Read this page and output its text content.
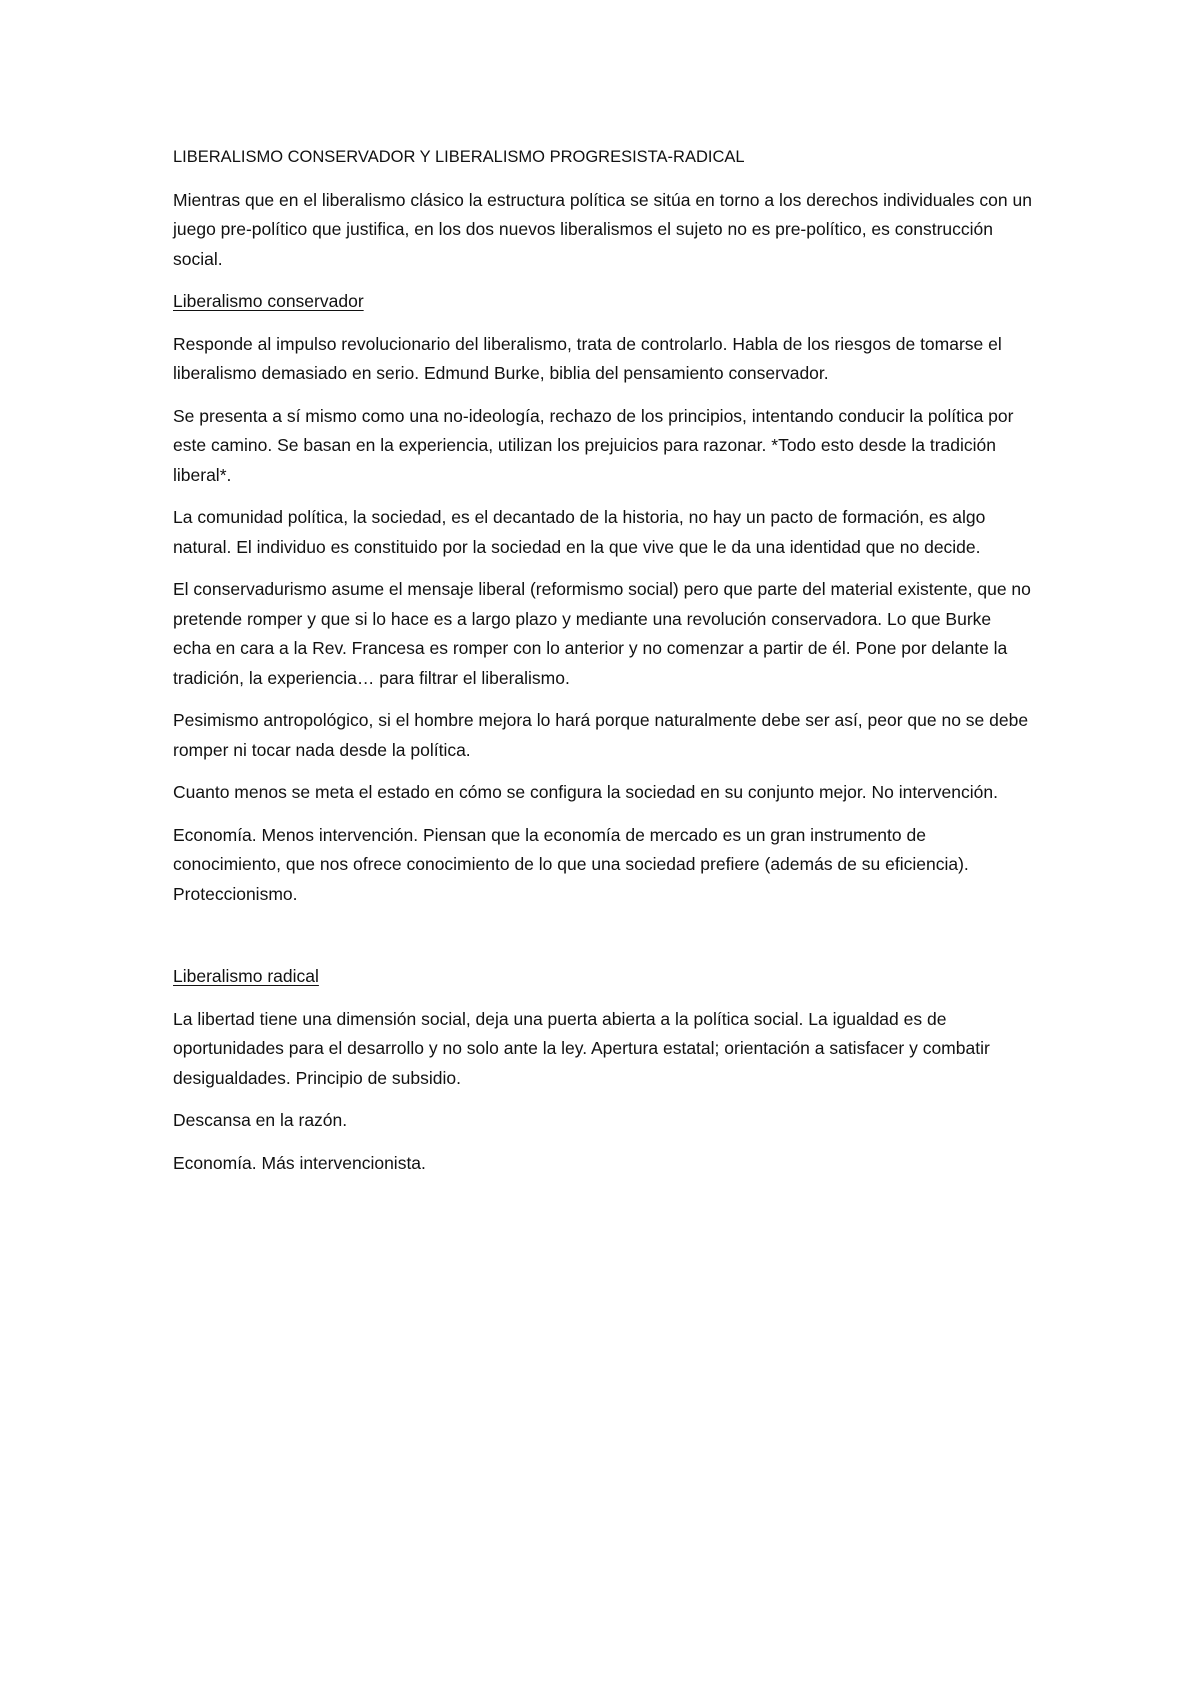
LIBERALISMO CONSERVADOR Y LIBERALISMO PROGRESISTA-RADICAL

Mientras que en el liberalismo clásico la estructura política se sitúa en torno a los derechos individuales con un juego pre-político que justifica, en los dos nuevos liberalismos el sujeto no es pre-político, es construcción social.

Liberalismo conservador

Responde al impulso revolucionario del liberalismo, trata de controlarlo. Habla de los riesgos de tomarse el liberalismo demasiado en serio. Edmund Burke, biblia del pensamiento conservador.

Se presenta a sí mismo como una no-ideología, rechazo de los principios, intentando conducir la política por este camino. Se basan en la experiencia, utilizan los prejuicios para razonar. *Todo esto desde la tradición liberal*.

La comunidad política, la sociedad, es el decantado de la historia, no hay un pacto de formación, es algo natural. El individuo es constituido por la sociedad en la que vive que le da una identidad que no decide.

El conservadurismo asume el mensaje liberal (reformismo social) pero que parte del material existente, que no pretende romper y que si lo hace es a largo plazo y mediante una revolución conservadora. Lo que Burke echa en cara a la Rev. Francesa es romper con lo anterior y no comenzar a partir de él. Pone por delante la tradición, la experiencia… para filtrar el liberalismo.

Pesimismo antropológico, si el hombre mejora lo hará porque naturalmente debe ser así, peor que no se debe romper ni tocar nada desde la política.

Cuanto menos se meta el estado en cómo se configura la sociedad en su conjunto mejor. No intervención.

Economía. Menos intervención. Piensan que la economía de mercado es un gran instrumento de conocimiento, que nos ofrece conocimiento de lo que una sociedad prefiere (además de su eficiencia). Proteccionismo.

Liberalismo radical

La libertad tiene una dimensión social, deja una puerta abierta a la política social. La igualdad es de oportunidades para el desarrollo y no solo ante la ley. Apertura estatal; orientación a satisfacer y combatir desigualdades. Principio de subsidio.

Descansa en la razón.

Economía. Más intervencionista.
